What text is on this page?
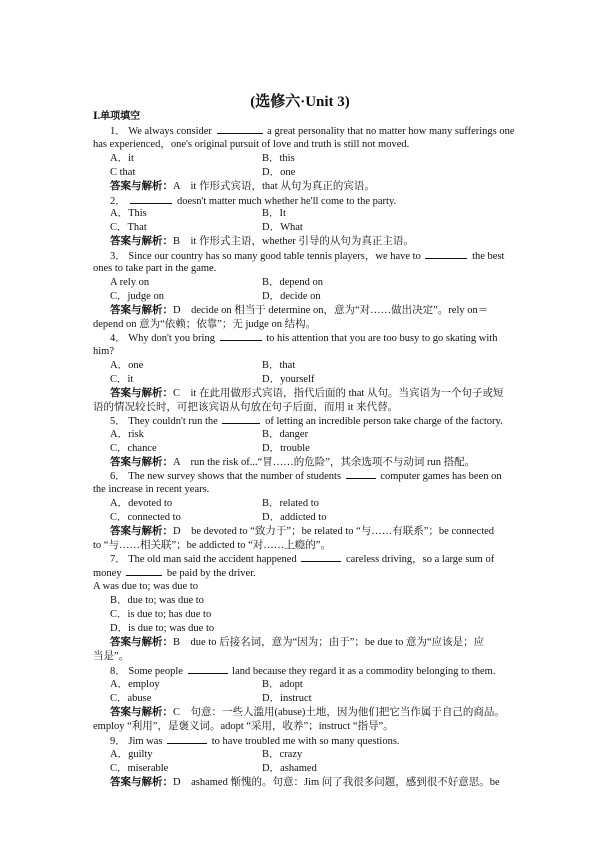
(选修六·Unit 3)
Ⅰ.单项填空
1． We always consider	a great personality that no matter how many sufferings one
has experienced，one's original pursuit of love and truth is still not moved.
A．it	B．this
C that	D．one
答案与解析：A　it 作形式宾语，that 从句为真正的宾语。
2．	doesn't matter much whether he'll come to the party.
A．This	B．It
C．That	D．What
答案与解析：B　it 作形式主语，whether 引导的从句为真正主语。
3． Since our country has so many good table tennis players，we have to	the best
ones to take part in the game.
A rely on	B．depend on
C．judge on	D．decide on
答案与解析：D　decide on 相当于 determine on，意为“对……做出决定”。rely on＝
depend on 意为“依赖；依靠”；无 judge on 结构。
4． Why don't you bring	to his attention that you are too busy to go skating with
him?
A．one	B．that
C．it	D．yourself
答案与解析：C　it 在此用做形式宾语，指代后面的 that 从句。当宾语为一个句子或短
语的情况较长时，可把该宾语从句放在句子后面，而用 it 来代替。
5． They couldn't run the	of letting an incredible person take charge of the factory.
A．risk	B．danger
C．chance	D．trouble
答案与解析：A　run the risk of...“冒……的危险”，其余选项不与动词 run 搭配。
6． The new survey shows that the number of students	computer games has been on
the increase in recent years.
A．devoted to	B．related to
C．connected to	D．addicted to
答案与解析：D　be devoted to “致力于”；be related to “与……有联系”；be connected
to “与……相关联”；be addicted to “对……上瘾的”。
7． The old man said the accident happened	careless driving，so a large sum of
money	be paid by the driver.
A was due to; was due to
B．due to; was due to
C．is due to; has due to
D．is due to; was due to
答案与解析：B　due to 后接名词，意为“因为；由于”；be due to 意为“应该是；应
当是”。
8． Some people	land because they regard it as a commodity belonging to them.
A．employ	B．adopt
C．abuse	D．instruct
答案与解析：C　句意：一些人滥用(abuse)土地，因为他们把它当作属于自己的商品。
employ “利用”，是褒义词。adopt “采用，收养”；instruct “指导”。
9． Jim was	to have troubled me with so many questions.
A．guilty	B．crazy
C．miserable	D．ashamed
答案与解析：D　ashamed 惭愧的。句意：Jim 问了我很多问题，感到很不好意思。be
